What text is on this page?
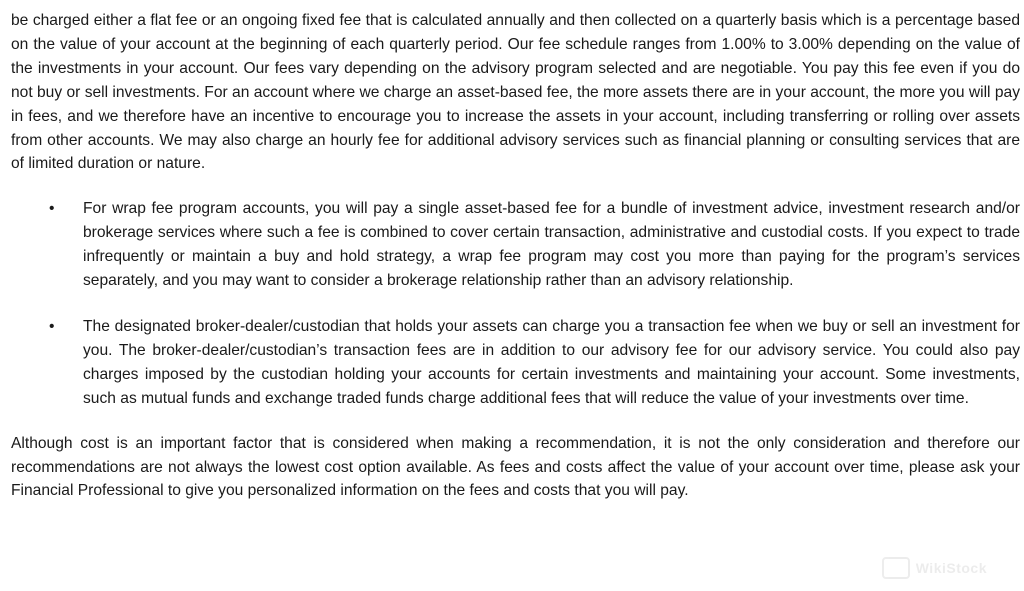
be charged either a flat fee or an ongoing fixed fee that is calculated annually and then collected on a quarterly basis which is a percentage based on the value of your account at the beginning of each quarterly period. Our fee schedule ranges from 1.00% to 3.00% depending on the value of the investments in your account. Our fees vary depending on the advisory program selected and are negotiable. You pay this fee even if you do not buy or sell investments. For an account where we charge an asset-based fee, the more assets there are in your account, the more you will pay in fees, and we therefore have an incentive to encourage you to increase the assets in your account, including transferring or rolling over assets from other accounts. We may also charge an hourly fee for additional advisory services such as financial planning or consulting services that are of limited duration or nature.

• For wrap fee program accounts, you will pay a single asset-based fee for a bundle of investment advice, investment research and/or brokerage services where such a fee is combined to cover certain transaction, administrative and custodial costs. If you expect to trade infrequently or maintain a buy and hold strategy, a wrap fee program may cost you more than paying for the program’s services separately, and you may want to consider a brokerage relationship rather than an advisory relationship.
• The designated broker-dealer/custodian that holds your assets can charge you a transaction fee when we buy or sell an investment for you. The broker-dealer/custodian’s transaction fees are in addition to our advisory fee for our advisory service. You could also pay charges imposed by the custodian holding your accounts for certain investments and maintaining your account. Some investments, such as mutual funds and exchange traded funds charge additional fees that will reduce the value of your investments over time.

Although cost is an important factor that is considered when making a recommendation, it is not the only consideration and therefore our recommendations are not always the lowest cost option available. As fees and costs affect the value of your account over time, please ask your Financial Professional to give you personalized information on the fees and costs that you will pay.

WikiStock
